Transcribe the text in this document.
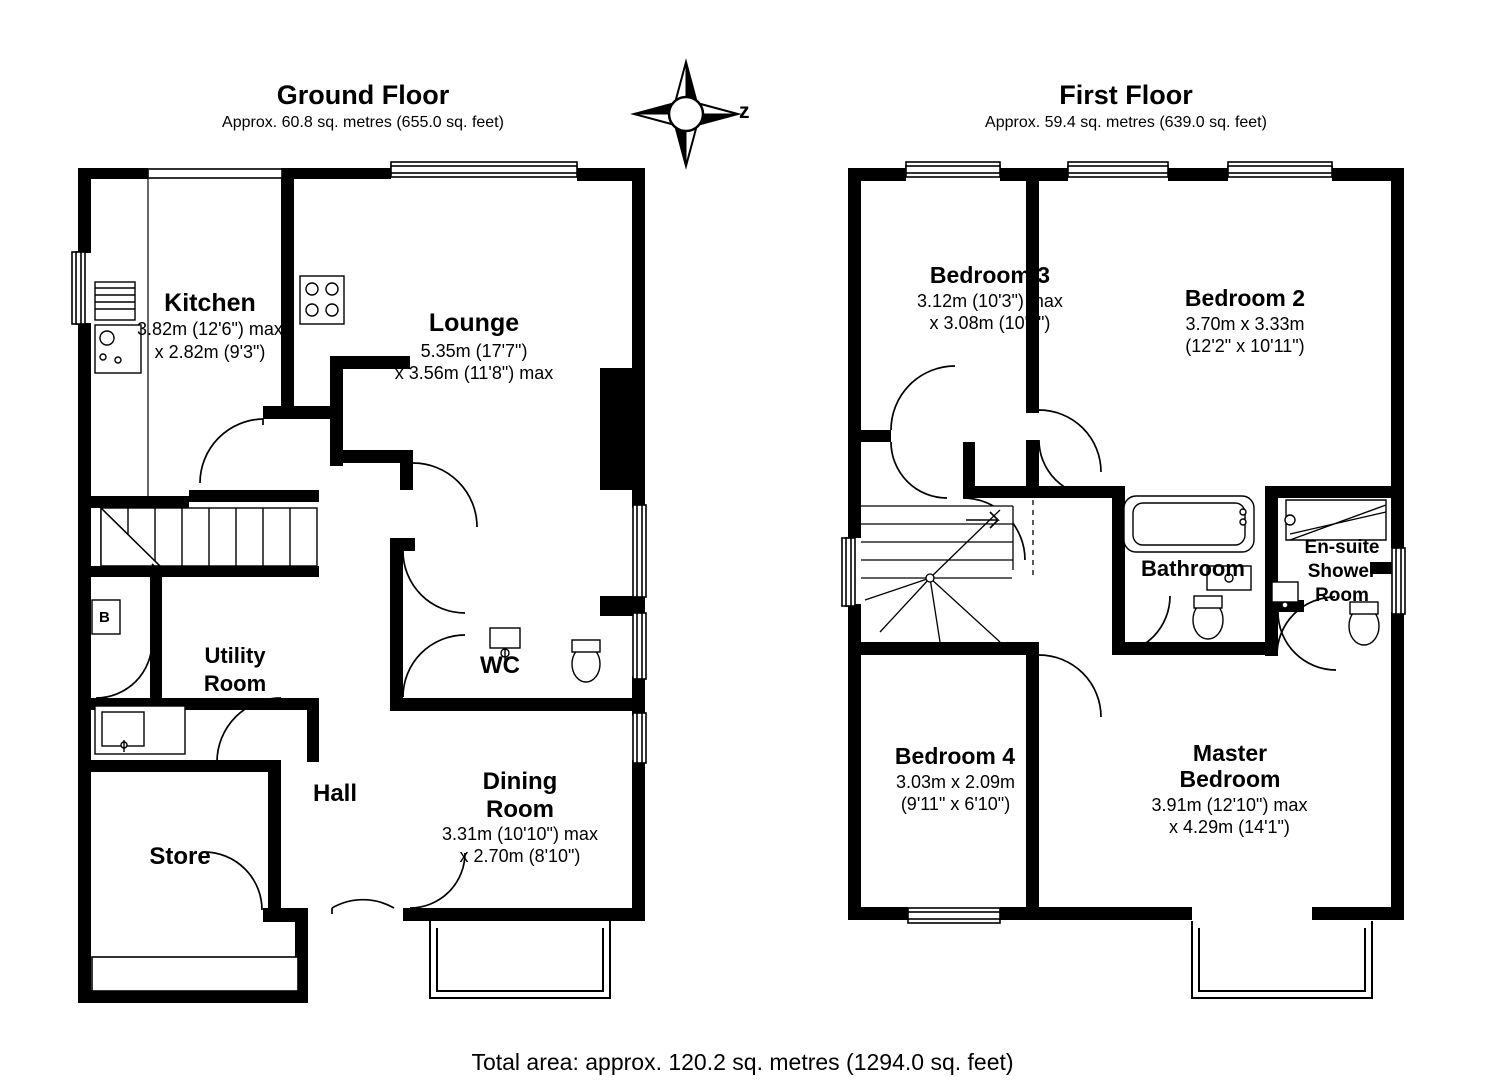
Ground Floor
Approx. 60.8 sq. metres (655.0 sq. feet)
First Floor
Approx. 59.4 sq. metres (639.0 sq. feet)
z
Kitchen
3.82m (12'6") max
x 2.82m (9'3")
Lounge
5.35m (17'7")
x 3.56m (11'8") max
Utility
Room
WC
Hall
Store
Dining
Room
3.31m (10'10") max
x 2.70m (8'10")
B
Bedroom 3
3.12m (10'3") max
x 3.08m (10'1")
Bedroom 2
3.70m x 3.33m
(12'2" x 10'11")
Bathroom
En-suite
Shower
Room
Bedroom 4
3.03m x 2.09m
(9'11" x 6'10")
Master
Bedroom
3.91m (12'10") max
x 4.29m (14'1")
Total area: approx. 120.2 sq. metres (1294.0 sq. feet)
